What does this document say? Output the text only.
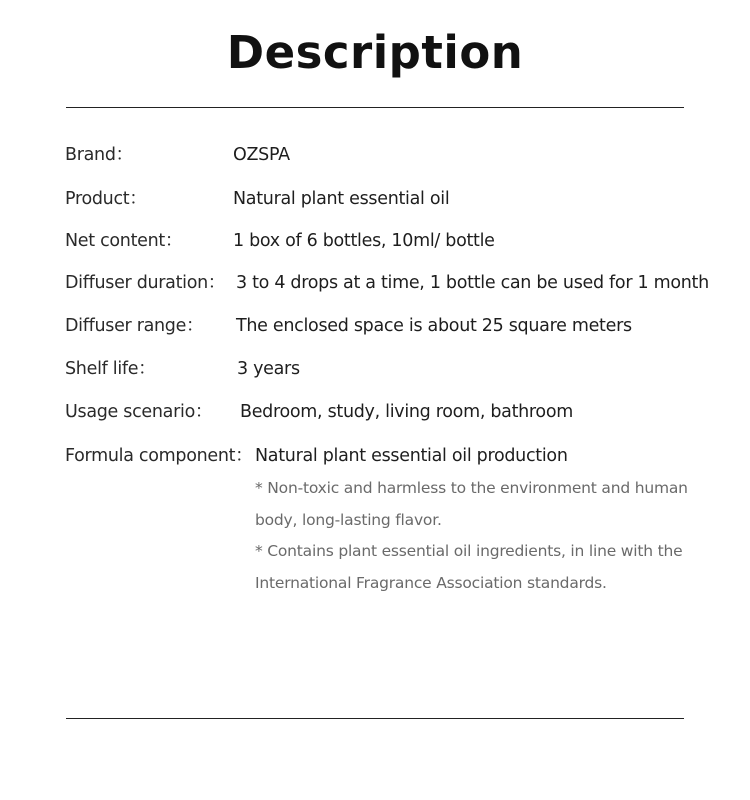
Description
Brand：	OZSPA
Product：	Natural plant essential oil
Net content：	1 box of 6 bottles, 10ml/ bottle
Diffuser duration： 3 to 4 drops at a time, 1 bottle can be used for 1 month
Diffuser range： The enclosed space is about 25 square meters
Shelf life：	3 years
Usage scenario： Bedroom, study, living room, bathroom
Formula component： Natural plant essential oil production
* Non-toxic and harmless to the environment and human
body, long-lasting flavor.
* Contains plant essential oil ingredients, in line with the
International Fragrance Association standards.
